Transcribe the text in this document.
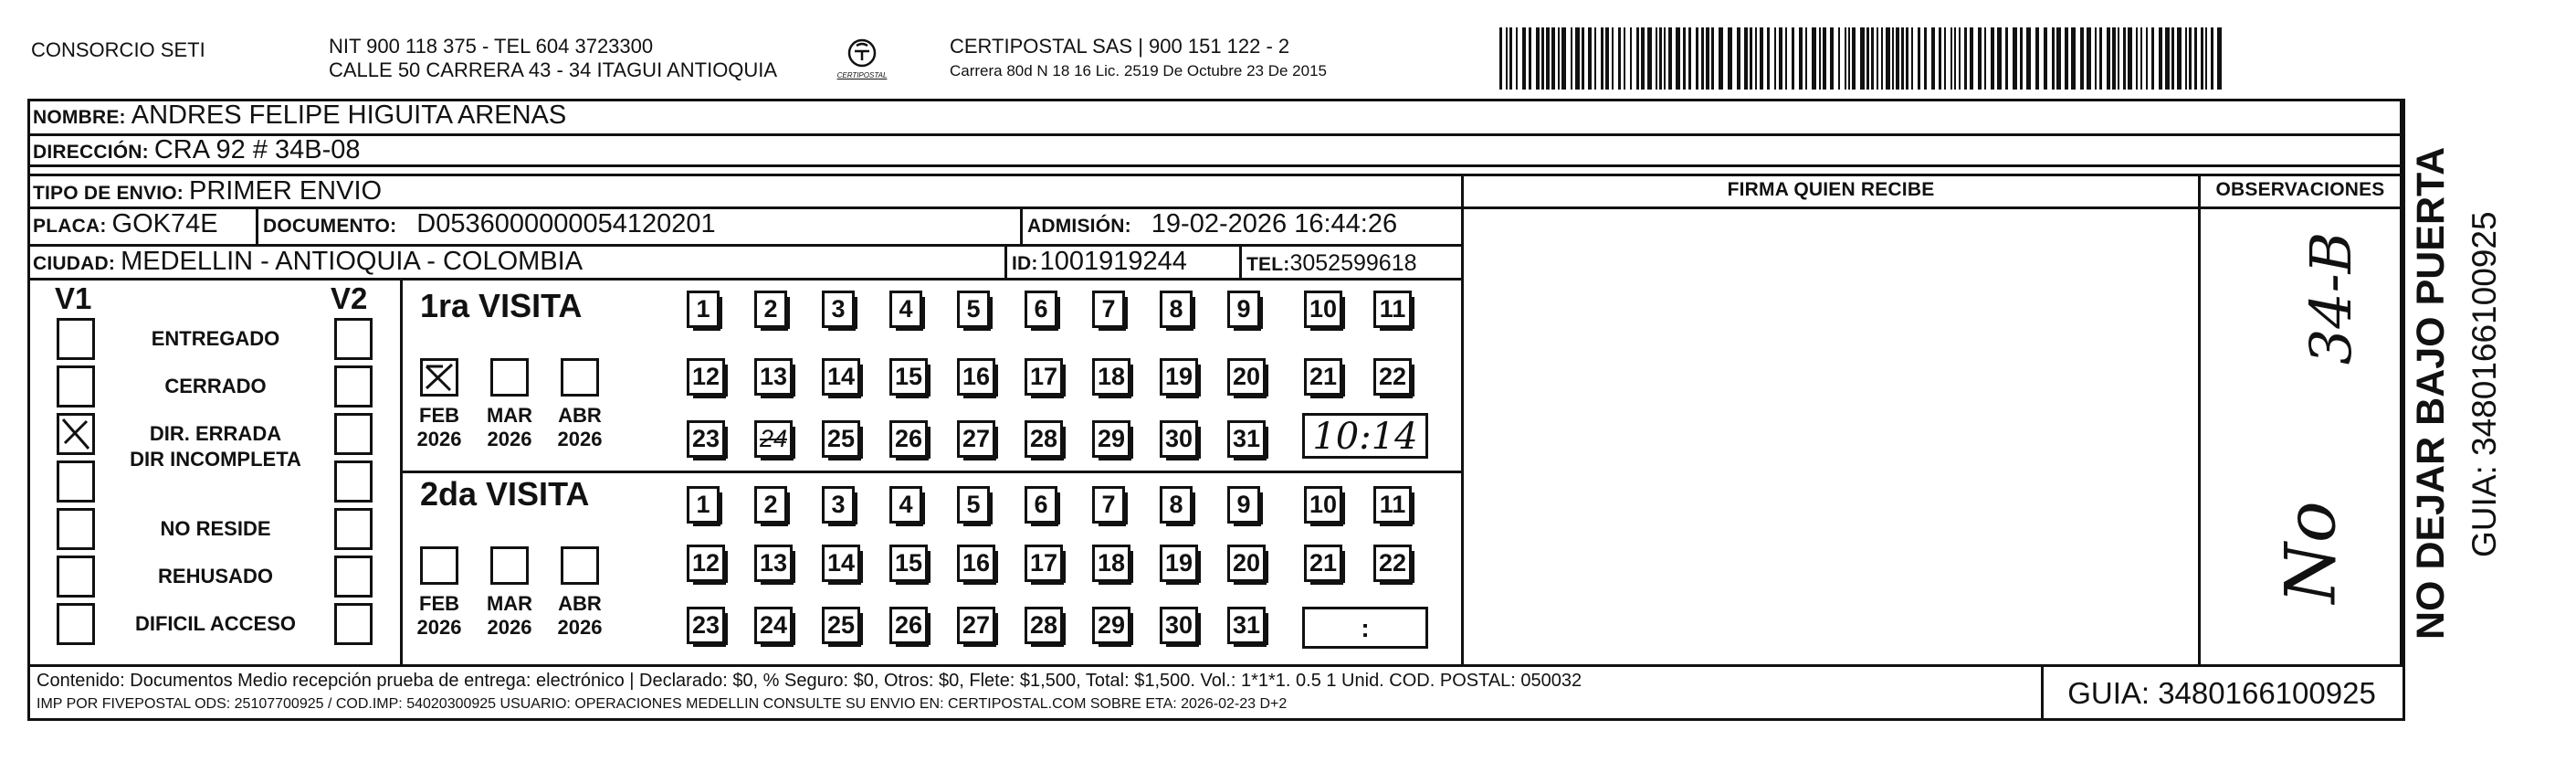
CONSORCIO SETI	NIT 900 118 375 - TEL 604 3723300
CALLE 50 CARRERA 43 - 34 ITAGUI ANTIOQUIA	CERTIPOSTAL
CERTIPOSTAL SAS | 900 151 122 - 2
Carrera 80d N 18 16 Lic. 2519 De Octubre 23 De 2015
NOMBRE: ANDRES FELIPE HIGUITA ARENAS
DIRECCIÓN: CRA 92 # 34B-08
TIPO DE ENVIO: PRIMER ENVIO
PLACA: GOK74E DOCUMENTO: D0536000000054120201	ADMISIÓN: 19-02-2026 16:44:26
CIUDAD: MEDELLIN - ANTIOQUIA - COLOMBIA	ID: 1001919244	TEL: 3052599618
FIRMA QUIEN RECIBE	OBSERVACIONES
V1	V2
ENTREGADO
CERRADO
DIR. ERRADA
DIR INCOMPLETA
NO RESIDE
REHUSADO
DIFICIL ACCESO
1ra VISITA
2da VISITA
FEB
2026
MAR
2026
ABR
2026
FEB
2026
MAR
2026
ABR
2026
1 2 3 4 5 6 7 8 9 10 11
12 13 14 15 16 17 18 19 20 21 22
23 24 25 26 27 28 29 30 31
1 2 3 4 5 6 7 8 9 10 11
12 13 14 15 16 17 18 19 20 21 22
23 24 25 26 27 28 29 30 31
10:14
:
34-B
No NO DEJAR BAJO PUERTA GUIA: 3480166100925
Contenido: Documentos Medio recepción prueba de entrega: electrónico | Declarado: $0, % Seguro: $0, Otros: $0, Flete: $1,500, Total: $1,500. Vol.: 1*1*1. 0.5 1 Unid. COD. POSTAL: 050032
IMP POR FIVEPOSTAL ODS: 25107700925 / COD.IMP: 54020300925 USUARIO: OPERACIONES MEDELLIN CONSULTE SU ENVIO EN: CERTIPOSTAL.COM SOBRE ETA: 2026-02-23 D+2	GUIA: 3480166100925
